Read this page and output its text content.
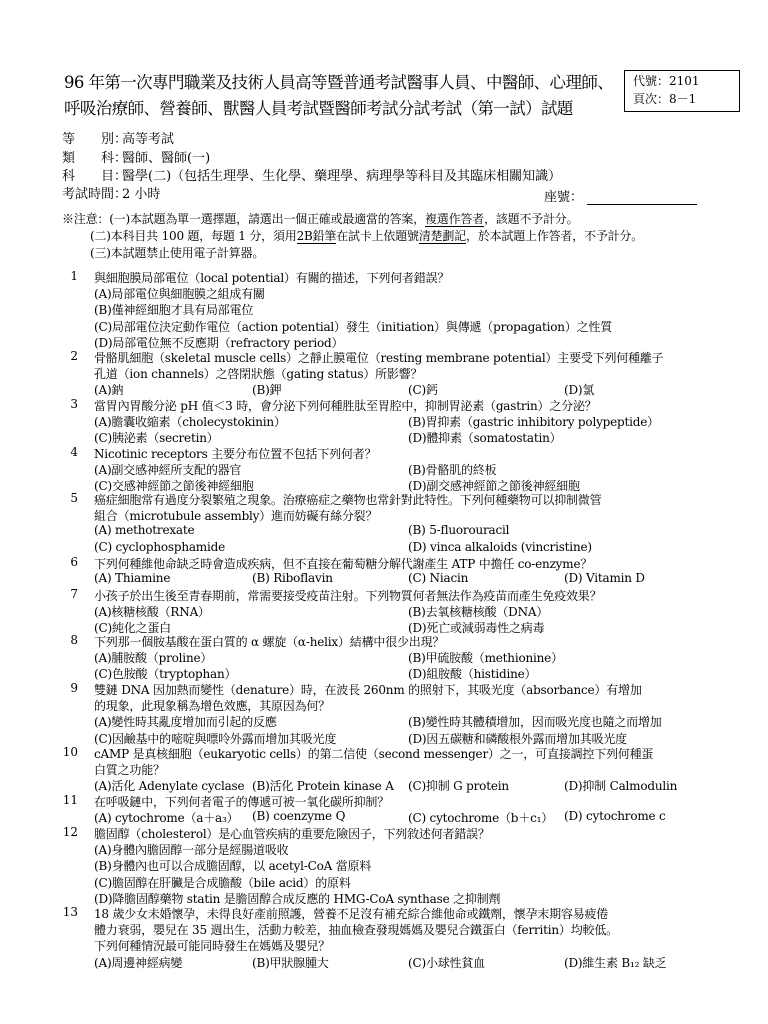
96 年第一次專門職業及技術人員高等暨普通考試醫事人員、中醫師、心理師、
呼吸治療師、營養師、獸醫人員考試暨醫師考試分試考試（第一試）試題
代號：2101
頁次：8－1
等　　別：高等考試
類　　科：醫師、醫師(一)
科　　目：醫學(二)（包括生理學、生化學、藥理學、病理學等科目及其臨床相關知識）
考試時間：2 小時	座號：
※注意：(一)本試題為單一選擇題，請選出一個正確或最適當的答案，複選作答者，該題不予計分。
(二)本科目共 100 題，每題 1 分，須用2B鉛筆在試卡上依題號清楚劃記，於本試題上作答者，不予計分。
(三)本試題禁止使用電子計算器。
1 與細胞膜局部電位（local potential）有關的描述，下列何者錯誤？
(A)局部電位與細胞膜之組成有關
(B)僅神經細胞才具有局部電位
(C)局部電位決定動作電位（action potential）發生（initiation）與傳遞（propagation）之性質
(D)局部電位無不反應期（refractory period）
2 骨骼肌細胞（skeletal muscle cells）之靜止膜電位（resting membrane potential）主要受下列何種離子
孔道（ion channels）之啓閉狀態（gating status）所影響？
(A)鈉	(B)鉀	(C)鈣	(D)氯
3 當胃內胃酸分泌 pH 值＜3 時，會分泌下列何種胜肽至胃腔中，抑制胃泌素（gastrin）之分泌？
(A)膽囊收縮素（cholecystokinin）	(B)胃抑素（gastric inhibitory polypeptide）
(C)胰泌素（secretin）	(D)體抑素（somatostatin）
4 Nicotinic receptors 主要分布位置不包括下列何者？
(A)副交感神經所支配的器官	(B)骨骼肌的終板
(C)交感神經節之節後神經細胞	(D)副交感神經節之節後神經細胞
5 癌症細胞常有過度分裂繁殖之現象。治療癌症之藥物也常針對此特性。下列何種藥物可以抑制微管
組合（microtubule assembly）進而妨礙有絲分裂？
(A) methotrexate	(B) 5-fluorouracil
(C) cyclophosphamide	(D) vinca alkaloids (vincristine)
6 下列何種維他命缺乏時會造成疾病，但不直接在葡萄糖分解代謝產生 ATP 中擔任 co-enzyme？
(A) Thiamine	(B) Riboflavin	(C) Niacin	(D) Vitamin D
7 小孩子於出生後至青春期前，常需要接受疫苗注射。下列物質何者無法作為疫苗而產生免疫效果？
(A)核糖核酸（RNA）	(B)去氧核糖核酸（DNA）
(C)純化之蛋白	(D)死亡或減弱毒性之病毒
8 下列那一個胺基酸在蛋白質的 α 螺旋（α-helix）結構中很少出現？
(A)脯胺酸（proline）	(B)甲硫胺酸（methionine）
(C)色胺酸（tryptophan）	(D)組胺酸（histidine）
9 雙鏈 DNA 因加熱而變性（denature）時，在波長 260nm 的照射下，其吸光度（absorbance）有增加
的現象，此現象稱為增色效應，其原因為何？
(A)變性時其亂度增加而引起的反應	(B)變性時其體積增加，因而吸光度也隨之而增加
(C)因鹼基中的嘧啶與嘌呤外露而增加其吸光度	(D)因五碳糖和磷酸根外露而增加其吸光度
10 cAMP 是真核細胞（eukaryotic cells）的第二信使（second messenger）之一，可直接調控下列何種蛋
白質之功能？
(A)活化 Adenylate cyclase (B)活化 Protein kinase A (C)抑制 G protein	(D)抑制 Calmodulin
11 在呼吸鏈中，下列何者電子的傳遞可被一氧化碳所抑制？
(A) cytochrome（a＋a₃） (B) coenzyme Q	(C) cytochrome（b＋c₁） (D) cytochrome c
12 膽固醇（cholesterol）是心血管疾病的重要危險因子，下列敘述何者錯誤？
(A)身體內膽固醇一部分是經腸道吸收
(B)身體內也可以合成膽固醇，以 acetyl-CoA 當原料
(C)膽固醇在肝臟是合成膽酸（bile acid）的原料
(D)降膽固醇藥物 statin 是膽固醇合成反應的 HMG-CoA synthase 之抑制劑
13 18 歲少女未婚懷孕，未得良好產前照護，營養不足沒有補充綜合維他命或鐵劑，懷孕末期容易疲倦
體力衰弱，嬰兒在 35 週出生，活動力較差，抽血檢查發現媽媽及嬰兒合鐵蛋白（ferritin）均較低。
下列何種情況最可能同時發生在媽媽及嬰兒？
(A)周邊神經病變	(B)甲狀腺腫大	(C)小球性貧血	(D)維生素 B₁₂ 缺乏
